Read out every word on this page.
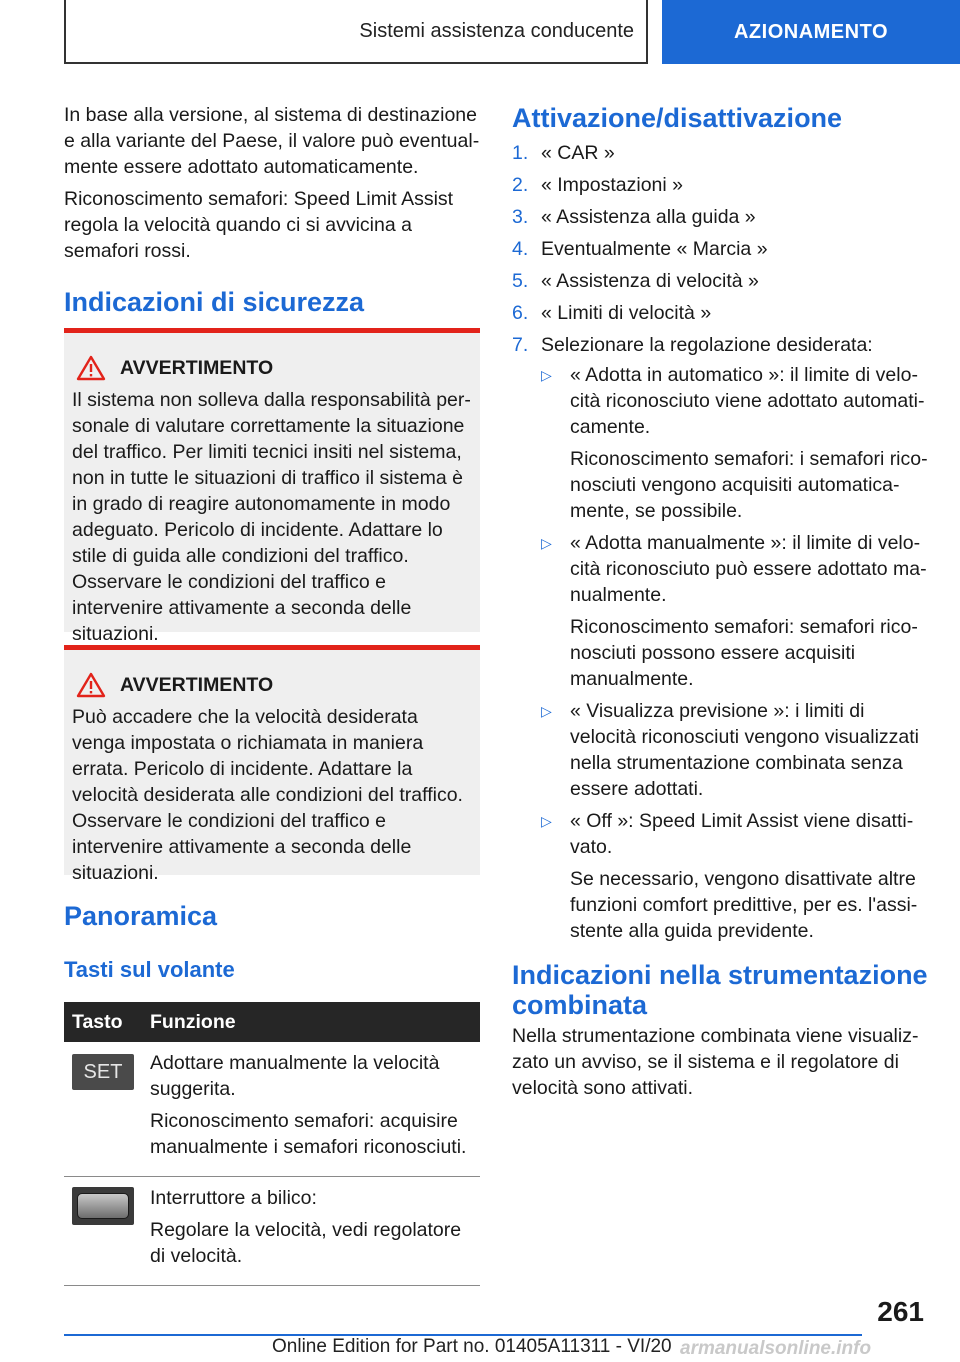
Sistemi assistenza conducente	AZIONAMENTO

In base alla versione, al sistema di destinazione e alla variante del Paese, il valore può eventualmente essere adottato automaticamente.

Riconoscimento semafori: Speed Limit Assist regola la velocità quando ci si avvicina a semafori rossi.

Indicazioni di sicurezza
AVVERTIMENTO
Il sistema non solleva dalla responsabilità personale di valutare correttamente la situazione del traffico. Per limiti tecnici insiti nel sistema, non in tutte le situazioni di traffico il sistema è in grado di reagire autonomamente in modo adeguato. Pericolo di incidente. Adattare lo stile di guida alle condizioni del traffico. Osservare le condizioni del traffico e intervenire attivamente a seconda delle situazioni.
AVVERTIMENTO
Può accadere che la velocità desiderata venga impostata o richiamata in maniera errata. Pericolo di incidente. Adattare la velocità desiderata alle condizioni del traffico. Osservare le condizioni del traffico e intervenire attivamente a seconda delle situazioni.
Panoramica
Tasti sul volante
Tasto	Funzione

SET	Adottare manualmente la velocità suggerita.

Riconoscimento semafori: acquisire manualmente i semafori riconosciuti.

	Interruttore a bilico:

Regolare la velocità, vedi regolatore di velocità.

Attivazione/disattivazione
1. « CAR »
2. « Impostazioni »
3. « Assistenza alla guida »
4. Eventualmente « Marcia »
5. « Assistenza di velocità »
6. « Limiti di velocità »
7. Selezionare la regolazione desiderata:
▷ « Adotta in automatico »: il limite di velocità riconosciuto viene adottato automaticamente.

Riconoscimento semafori: i semafori riconosciuti vengono acquisiti automaticamente, se possibile.

▷ « Adotta manualmente »: il limite di velocità riconosciuto può essere adottato manualmente.

Riconoscimento semafori: semafori riconosciuti possono essere acquisiti manualmente.

▷ « Visualizza previsione »: i limiti di velocità riconosciuti vengono visualizzati nella strumentazione combinata senza essere adottati.

▷ « Off »: Speed Limit Assist viene disattivato.

Se necessario, vengono disattivate altre funzioni comfort predittive, per es. l'assistente alla guida previdente.

Indicazioni nella strumentazione combinata
Nella strumentazione combinata viene visualizzato un avviso, se il sistema e il regolatore di velocità sono attivati.
261
Online Edition for Part no. 01405A11311 - VI/20 armanualsonline.info
